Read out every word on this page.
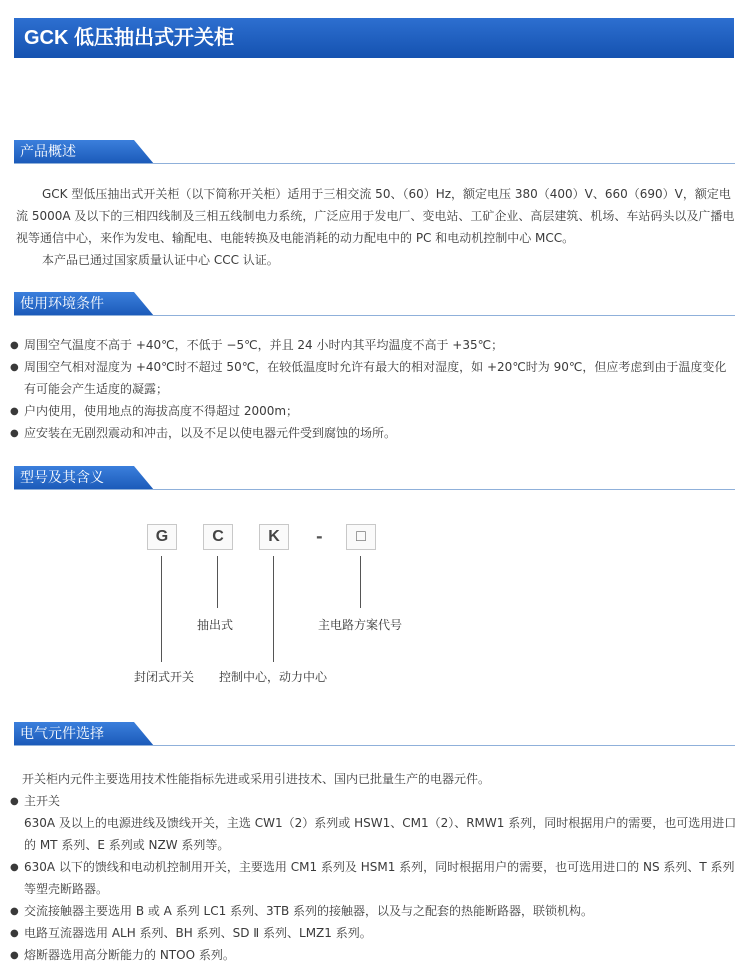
GCK 低压抽出式开关柜
产品概述

GCK 型低压抽出式开关柜（以下简称开关柜）适用于三相交流 50、（60）Hz，额定电压 380（400）V、660（690）V，额定电流 5000A 及以下的三相四线制及三相五线制电力系统，广泛应用于发电厂、变电站、工矿企业、高层建筑、机场、车站码头以及广播电视等通信中心，来作为发电、输配电、电能转换及电能消耗的动力配电中的 PC 和电动机控制中心 MCC。

本产品已通过国家质量认证中心 CCC 认证。

使用环境条件
● 周围空气温度不高于 +40℃，不低于 −5℃，并且 24 小时内其平均温度不高于 +35℃；
● 周围空气相对湿度为 +40℃时不超过 50℃，在较低温度时允许有最大的相对湿度，如 +20℃时为 90℃，但应考虑到由于温度变化有可能会产生适度的凝露；
● 户内使用，使用地点的海拔高度不得超过 2000m；
● 应安装在无剧烈震动和冲击，以及不足以使电器元件受到腐蚀的场所。
型号及其含义
G	C	K	-	□
抽出式	主电路方案代号
封闭式开关 控制中心，动力中心
电气元件选择

开关柜内元件主要选用技术性能指标先进或采用引进技术、国内已批量生产的电器元件。

● 主开关
630A 及以上的电源进线及馈线开关，主选 CW1（2）系列或 HSW1、CM1（2）、RMW1 系列，同时根据用户的需要，也可选用进口的 MT 系列、E 系列或 NZW 系列等。
● 630A 以下的馈线和电动机控制用开关，主要选用 CM1 系列及 HSM1 系列，同时根据用户的需要，也可选用进口的 NS 系列、T 系列等塑壳断路器。
● 交流接触器主要选用 B 或 A 系列 LC1 系列、3TB 系列的接触器，以及与之配套的热能断路器，联锁机构。
● 电路互流器选用 ALH 系列、BH 系列、SD Ⅱ 系列、LMZ1 系列。
● 熔断器选用高分断能力的 NTOO 系列。
